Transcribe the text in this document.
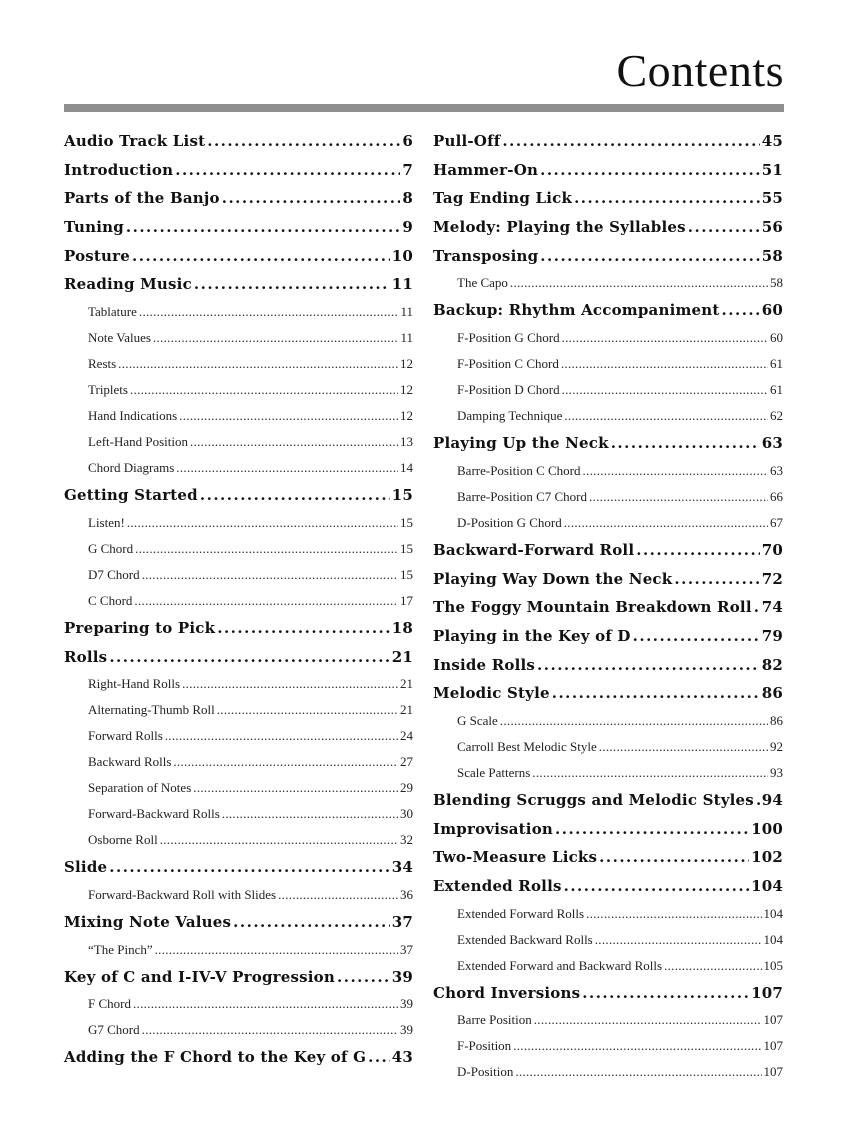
Contents
Audio Track List .....	6
Introduction .....	7
Parts of the Banjo .....	8
Tuning .....	9
Posture .....	10
Reading Music .....	11
Tablature .....	11
Note Values .....	11
Rests .....	12
Triplets .....	12
Hand Indications .....	12
Left-Hand Position .....	13
Chord Diagrams .....	14
Getting Started .....	15
Listen! .....	15
G Chord .....	15
D7 Chord .....	15
C Chord .....	17
Preparing to Pick .....	18
Rolls .....	21
Right-Hand Rolls .....	21
Alternating-Thumb Roll .....	21
Forward Rolls .....	24
Backward Rolls .....	27
Separation of Notes .....	29
Forward-Backward Rolls .....	30
Osborne Roll .....	32
Slide .....	34
Forward-Backward Roll with Slides .....	36
Mixing Note Values .....	37
“The Pinch” .....	37
Key of C and I-IV-V Progression .....	39
F Chord .....	39
G7 Chord .....	39
Adding the F Chord to the Key of G ..... 43
Pull-Off .....	45
Hammer-On .....	51
Tag Ending Lick .....	55
Melody: Playing the Syllables .....	56
Transposing .....	58
The Capo .....	58
Backup: Rhythm Accompaniment .....	60
F-Position G Chord .....	60
F-Position C Chord .....	61
F-Position D Chord .....	61
Damping Technique .....	62
Playing Up the Neck .....	63
Barre-Position C Chord .....	63
Barre-Position C7 Chord .....	66
D-Position G Chord .....	67
Backward-Forward Roll .....	70
Playing Way Down the Neck .....	72
The Foggy Mountain Breakdown Roll ..... 74
Playing in the Key of D .....	79
Inside Rolls .....	82
Melodic Style .....	86
G Scale .....	86
Carroll Best Melodic Style .....	92
Scale Patterns .....	93
Blending Scruggs and Melodic Styles ..... 94
Improvisation .....	100
Two-Measure Licks .....	102
Extended Rolls .....	104
Extended Forward Rolls .....	104
Extended Backward Rolls .....	104
Extended Forward and Backward Rolls .....	105
Chord Inversions .....	107
Barre Position .....	107
F-Position .....	107
D-Position .....	107
